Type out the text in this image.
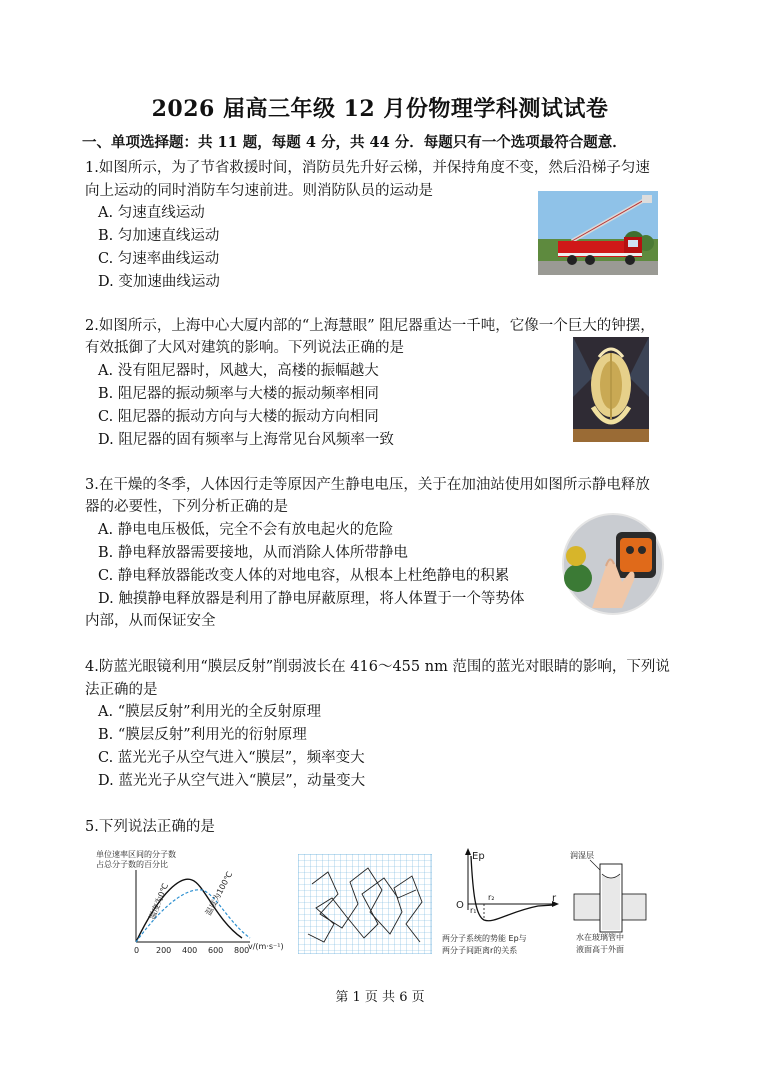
2026 届高三年级 12 月份物理学科测试试卷
一、单项选择题：共 11 题，每题 4 分，共 44 分．每题只有一个选项最符合题意．
1.如图所示，为了节省救援时间，消防员先升好云梯，并保持角度不变，然后沿梯子匀速
向上运动的同时消防车匀速前进。则消防队员的运动是
A. 匀速直线运动
B. 匀加速直线运动
C. 匀速率曲线运动
D. 变加速曲线运动
2.如图所示，上海中心大厦内部的“上海慧眼” 阻尼器重达一千吨，它像一个巨大的钟摆，
有效抵御了大风对建筑的影响。下列说法正确的是
A. 没有阻尼器时，风越大，高楼的振幅越大
B. 阻尼器的振动频率与大楼的振动频率相同
C. 阻尼器的振动方向与大楼的振动方向相同
D. 阻尼器的固有频率与上海常见台风频率一致
3.在干燥的冬季，人体因行走等原因产生静电电压，关于在加油站使用如图所示静电释放
器的必要性，下列分析正确的是
A. 静电电压极低，完全不会有放电起火的危险
B. 静电释放器需要接地，从而消除人体所带静电
C. 静电释放器能改变人体的对地电容，从根本上杜绝静电的积累
D. 触摸静电释放器是利用了静电屏蔽原理，将人体置于一个等势体
内部，从而保证安全
4.防蓝光眼镜利用“膜层反射”削弱波长在 416～455 nm 范围的蓝光对眼睛的影响，下列说
法正确的是
A. “膜层反射”利用光的全反射原理
B. “膜层反射”利用光的衍射原理
C. 蓝光光子从空气进入“膜层”，频率变大
D. 蓝光光子从空气进入“膜层”，动量变大
5.下列说法正确的是
单位速率区间的分子数
占总分子数的百分比
温度为0℃	温度为100℃
0 200 400 600 800
v/(m·s⁻¹)
Ep
r
O r₁
r₂
两分子系统的势能 Ep与
两分子间距离r的关系
润湿层
水在玻璃管中
液面高于外面
第 1 页 共 6 页
